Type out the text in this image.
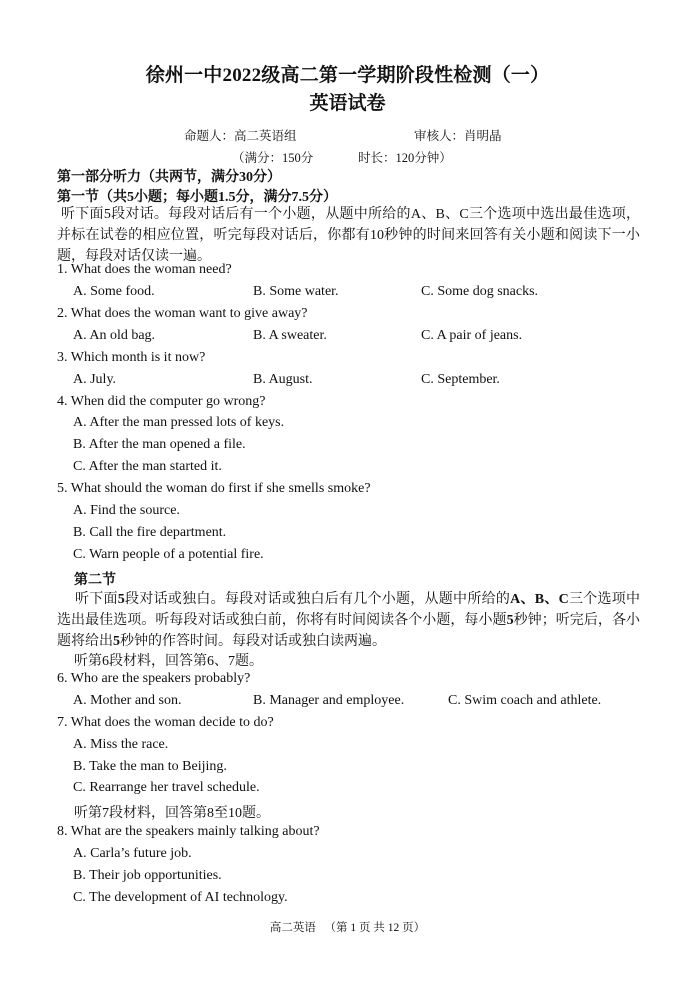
徐州一中2022级高二第一学期阶段性检测（一）
英语试卷
命题人：高二英语组	审核人：肖明晶
（满分：150分	时长：120分钟）
第一部分听力（共两节，满分30分）
第一节（共5小题；每小题1.5分，满分7.5分）
听下面5段对话。每段对话后有一个小题，从题中所给的A、B、C三个选项中选出最佳选项，并标在试卷的相应位置，听完每段对话后，你都有10秒钟的时间来回答有关小题和阅读下一小题，每段对话仅读一遍。
1. What does the woman need?
A. Some food.	B. Some water.	C. Some dog snacks.
2. What does the woman want to give away?
A. An old bag.	B. A sweater.	C. A pair of jeans.
3. Which month is it now?
A. July.	B. August.	C. September.
4. When did the computer go wrong?
A. After the man pressed lots of keys.
B. After the man opened a file.
C. After the man started it.
5. What should the woman do first if she smells smoke?
A. Find the source.
B. Call the fire department.
C. Warn people of a potential fire.
第二节
听下面5段对话或独白。每段对话或独白后有几个小题，从题中所给的A、B、C三个选项中选出最佳选项。听每段对话或独白前，你将有时间阅读各个小题，每小题5秒钟；听完后，各小题将给出5秒钟的作答时间。每段对话或独白读两遍。
听第6段材料，回答第6、7题。
6. Who are the speakers probably?
A. Mother and son.	B. Manager and employee.	C. Swim coach and athlete.
7. What does the woman decide to do?
A. Miss the race.
B. Take the man to Beijing.
C. Rearrange her travel schedule.
听第7段材料，回答第8至10题。
8. What are the speakers mainly talking about?
A. Carla’s future job.
B. Their job opportunities.
C. The development of AI technology.
高二英语 （第 1 页 共 12 页）
